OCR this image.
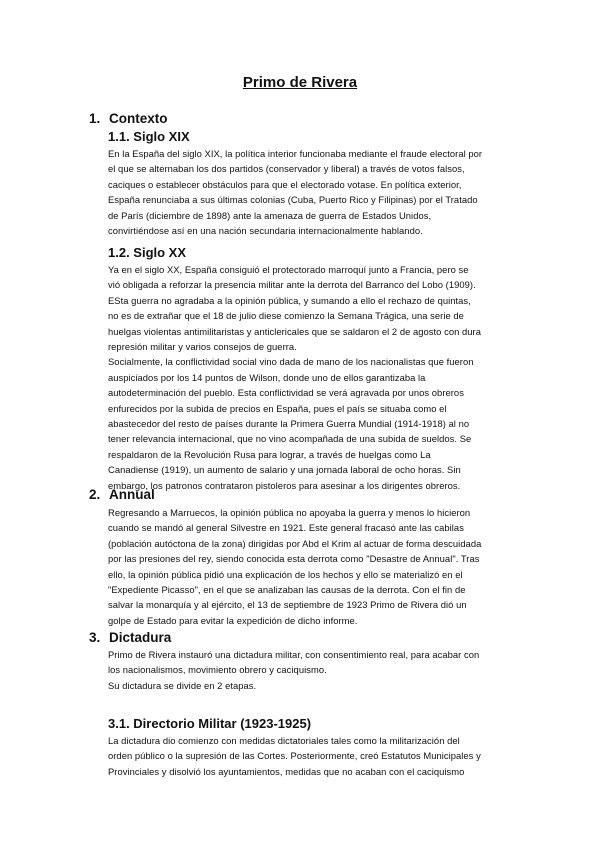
Primo de Rivera
1. Contexto
1.1. Siglo XIX

En la España del siglo XIX, la política interior funcionaba mediante el fraude electoral por

el que se alternaban los dos partidos (conservador y liberal) a través de votos falsos,

caciques o establecer obstáculos para que el electorado votase. En política exterior,

España renunciaba a sus últimas colonias (Cuba, Puerto Rico y Filipinas) por el Tratado

de París (diciembre de 1898) ante la amenaza de guerra de Estados Unidos,

convirtiéndose así en una nación secundaria internacionalmente hablando.

1.2. Siglo XX

Ya en el siglo XX, España consiguió el protectorado marroquí junto a Francia, pero se

vió obligada a reforzar la presencia militar ante la derrota del Barranco del Lobo (1909).

ESta guerra no agradaba a la opinión pública, y sumando a ello el rechazo de quintas,

no es de extrañar que el 18 de julio diese comienzo la Semana Trágica, una serie de

huelgas violentas antimilitaristas y anticlericales que se saldaron el 2 de agosto con dura

represión militar y varios consejos de guerra.

Socialmente, la conflictividad social vino dada de mano de los nacionalistas que fueron

auspiciados por los 14 puntos de Wilson, donde uno de ellos garantizaba la

autodeterminación del pueblo. Esta conflictividad se verá agravada por unos obreros

enfurecidos por la subida de precios en España, pues el país se situaba como el

abastecedor del resto de países durante la Primera Guerra Mundial (1914-1918) al no

tener relevancia internacional, que no vino acompañada de una subida de sueldos. Se

respaldaron de la Revolución Rusa para lograr, a través de huelgas como La

Canadiense (1919), un aumento de salario y una jornada laboral de ocho horas. Sin

embargo, los patronos contrataron pistoleros para asesinar a los dirigentes obreros.

2. Annual

Regresando a Marruecos, la opinión pública no apoyaba la guerra y menos lo hicieron

cuando se mandó al general Silvestre en 1921. Este general fracasó ante las cabilas

(población autóctona de la zona) dirigidas por Abd el Krim al actuar de forma descuidada

por las presiones del rey, siendo conocida esta derrota como "Desastre de Annual". Tras

ello, la opinión pública pidió una explicación de los hechos y ello se materializó en el

"Expediente Picasso", en el que se analizaban las causas de la derrota. Con el fin de

salvar la monarquía y al ejército, el 13 de septiembre de 1923 Primo de Rivera dió un

golpe de Estado para evitar la expedición de dicho informe.

3. Dictadura

Primo de Rivera instauró una dictadura militar, con consentimiento real, para acabar con

los nacionalismos, movimiento obrero y caciquismo.

Su dictadura se divide en 2 etapas.

3.1. Directorio Militar (1923-1925)

La dictadura dio comienzo con medidas dictatoriales tales como la militarización del

orden público o la supresión de las Cortes. Posteriormente, creó Estatutos Municipales y

Provinciales y disolvió los ayuntamientos, medidas que no acaban con el caciquismo
